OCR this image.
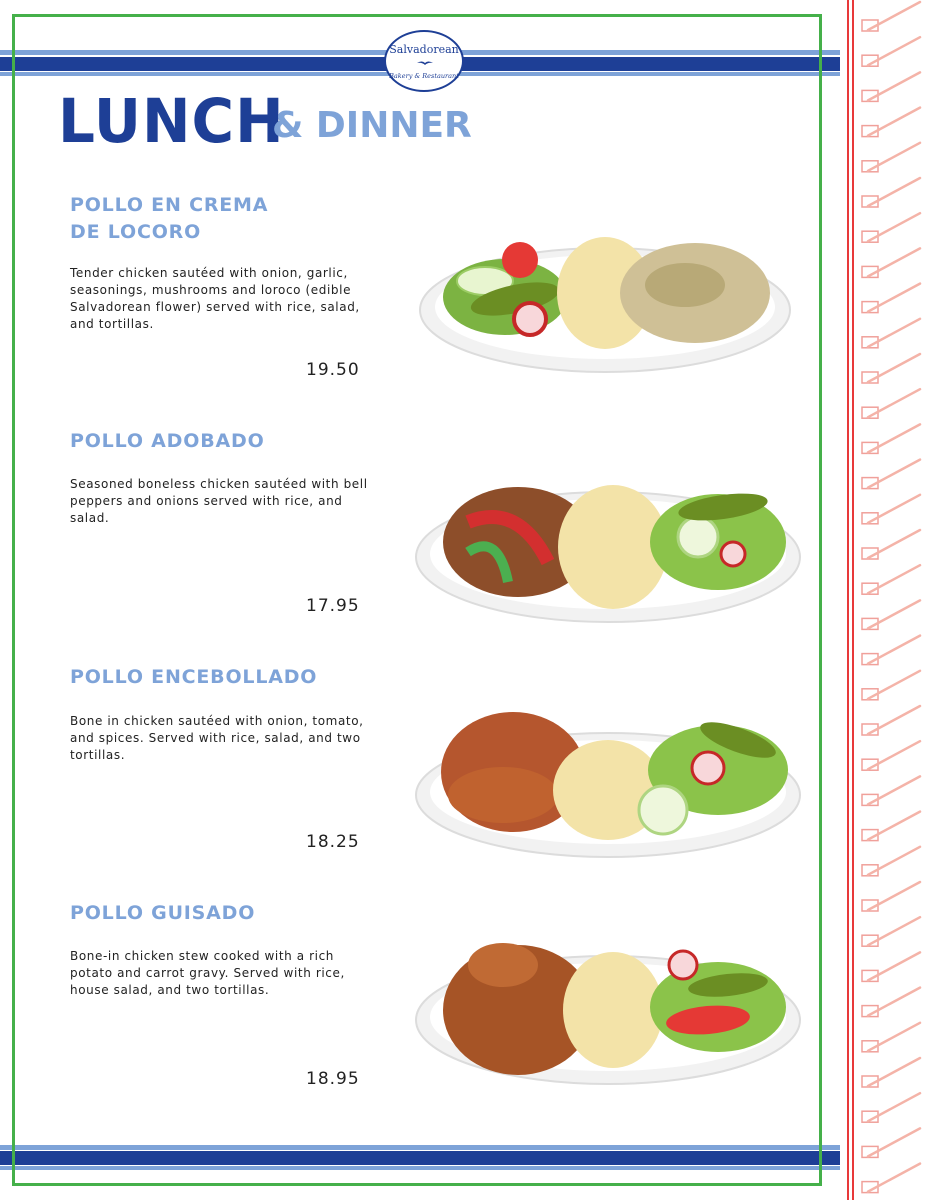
Salvadorean
Bakery & Restaurant
LUNCH
& DINNER
POLLO EN CREMA
DE LOCORO
Tender chicken sautéed with onion, garlic, seasonings, mushrooms and loroco (edible Salvadorean flower) served with rice, salad, and tortillas.
19.50
POLLO ADOBADO
Seasoned boneless chicken sautéed with bell peppers and onions served with rice, and salad.
17.95
POLLO ENCEBOLLADO
Bone in chicken sautéed with onion, tomato, and spices. Served with rice, salad, and two tortillas.
18.25
POLLO GUISADO
Bone-in chicken stew cooked with a rich potato and carrot gravy. Served with rice, house salad, and two tortillas.
18.95
